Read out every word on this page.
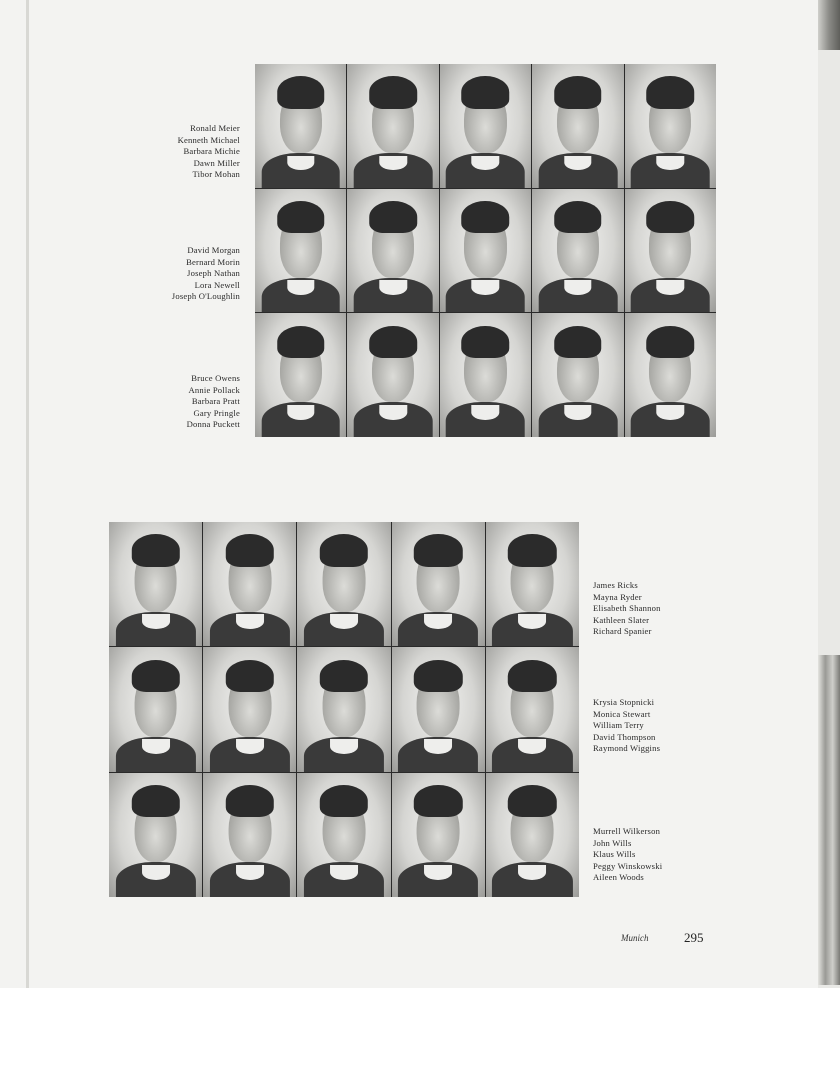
Ronald Meier
Kenneth Michael
Barbara Michie
Dawn Miller
Tibor Mohan
David Morgan
Bernard Morin
Joseph Nathan
Lora Newell
Joseph O'Loughlin
Bruce Owens
Annie Pollack
Barbara Pratt
Gary Pringle
Donna Puckett
James Ricks
Mayna Ryder
Elisabeth Shannon
Kathleen Slater
Richard Spanier
Krysia Stopnicki
Monica Stewart
William Terry
David Thompson
Raymond Wiggins
Murrell Wilkerson
John Wills
Klaus Wills
Peggy Winskowski
Aileen Woods
Munich	295
